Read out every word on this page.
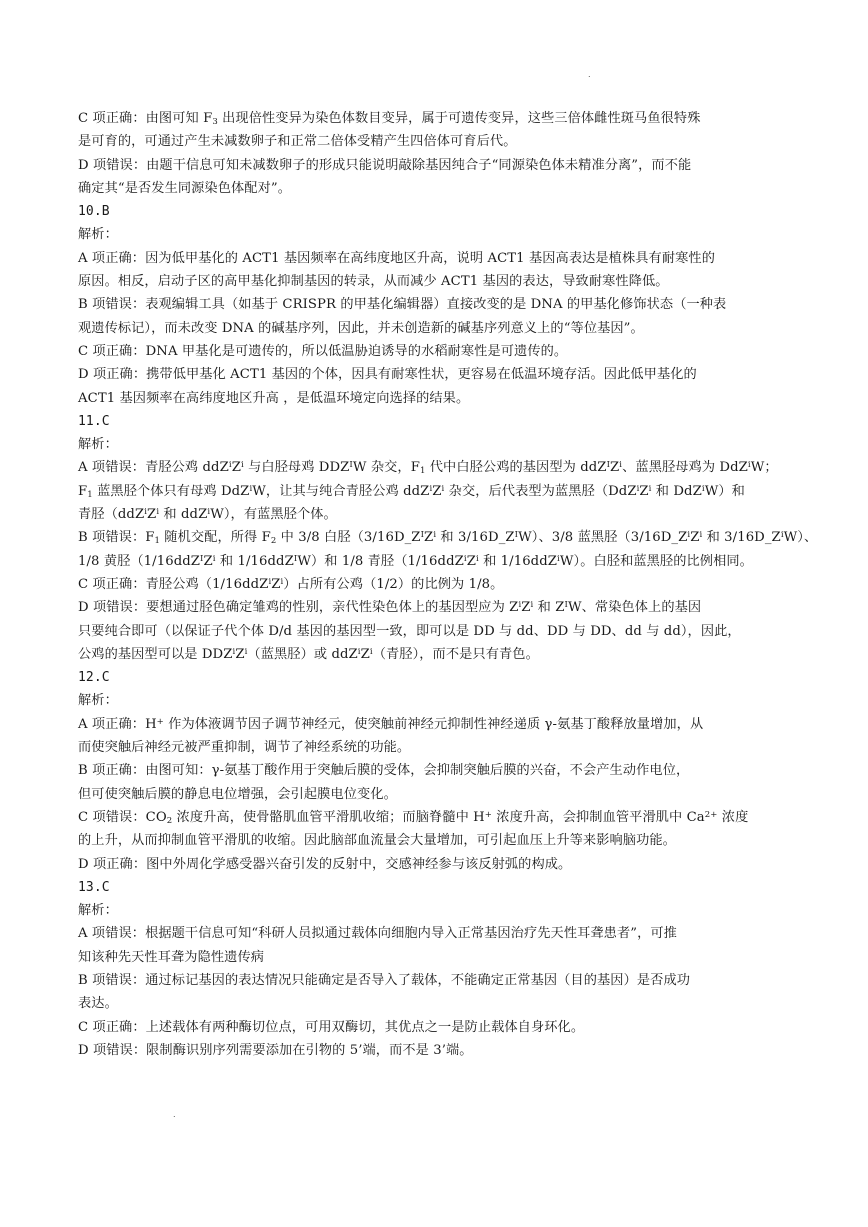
.
C 项正确：由图可知 $F_3$ 出现倍性变异为染色体数目变异，属于可遗传变异，这些三倍体雌性斑马鱼很特殊
是可育的，可通过产生未减数卵子和正常二倍体受精产生四倍体可育后代。
D 项错误：由题干信息可知未减数卵子的形成只能说明敲除基因纯合子“同源染色体未精准分离”，而不能
确定其“是否发生同源染色体配对”。
10.B
解析：
A 项正确：因为低甲基化的 ACT1 基因频率在高纬度地区升高，说明 ACT1 基因高表达是植株具有耐寒性的
原因。相反，启动子区的高甲基化抑制基因的转录，从而减少 ACT1 基因的表达，导致耐寒性降低。
B 项错误：表观编辑工具（如基于 CRISPR 的甲基化编辑器）直接改变的是 DNA 的甲基化修饰状态（一种表
观遗传标记），而未改变 DNA 的碱基序列，因此，并未创造新的碱基序列意义上的“等位基因”。
C 项正确：DNA 甲基化是可遗传的，所以低温胁迫诱导的水稻耐寒性是可遗传的。
D 项正确：携带低甲基化 ACT1 基因的个体，因具有耐寒性状，更容易在低温环境存活。因此低甲基化的
ACT1 基因频率在高纬度地区升高 ，是低温环境定向选择的结果。
11.C
解析：
A 项错误：青胫公鸡 $ddZ^iZ^i$ 与白胫母鸡 $DDZ^IW$ 杂交，$F_1$ 代中白胫公鸡的基因型为 $ddZ^IZ^i$、蓝黑胫母鸡为 DdZ$^i$W；
$F_1$ 蓝黑胫个体只有母鸡 DdZ$^i$W，让其与纯合青胫公鸡 $ddZ^iZ^i$ 杂交，后代表型为蓝黑胫（$DdZ^iZ^i$ 和 DdZ$^i$W）和
青胫（$ddZ^iZ^i$ 和 ddZ$^i$W），有蓝黑胫个体。
B 项错误：$F_1$ 随机交配，所得 $F_2$ 中 3/8 白胫（$3/16D\_Z^IZ^i$ 和 $3/16D\_Z^IW$）、3/8 蓝黑胫（$3/16D\_Z^iZ^i$ 和 $3/16D\_Z^iW$）、
1/8 黄胫（$1/16ddZ^IZ^i$ 和 1/16ddZ$^I$W）和 1/8 青胫（$1/16ddZ^iZ^i$ 和 1/16ddZ$^i$W）。白胫和蓝黑胫的比例相同。
C 项正确：青胫公鸡$(1/16ddZ^iZ^i)$占所有公鸡（1/2）的比例为 1/8。
D 项错误：要想通过胫色确定雏鸡的性别，亲代性染色体上的基因型应为 $Z^iZ^i$ 和 $Z^IW$、常染色体上的基因
只要纯合即可（以保证子代个体 D/d 基因的基因型一致，即可以是 DD 与 dd、DD 与 DD、dd 与 dd），因此，
公鸡的基因型可以是 $DDZ^iZ^i$（蓝黑胫）或 $ddZ^iZ^i$（青胫），而不是只有青色。
12.C
解析：
A 项正确：H+ 作为体液调节因子调节神经元，使突触前神经元抑制性神经递质 γ-氨基丁酸释放量增加，从
而使突触后神经元被严重抑制，调节了神经系统的功能。
B 项正确：由图可知：γ-氨基丁酸作用于突触后膜的受体，会抑制突触后膜的兴奋，不会产生动作电位，
但可使突触后膜的静息电位增强，会引起膜电位变化。
C 项错误：$CO_2$ 浓度升高，使骨骼肌血管平滑肌收缩；而脑脊髓中 H+ 浓度升高，会抑制血管平滑肌中 $Ca^{2+}$ 浓度
的上升，从而抑制血管平滑肌的收缩。因此脑部血流量会大量增加，可引起血压上升等来影响脑功能。
D 项正确：图中外周化学感受器兴奋引发的反射中，交感神经参与该反射弧的构成。
13.C
解析：
A 项错误：根据题干信息可知“科研人员拟通过载体向细胞内导入正常基因治疗先天性耳聋患者”，可推
知该种先天性耳聋为隐性遗传病
B 项错误：通过标记基因的表达情况只能确定是否导入了载体，不能确定正常基因（目的基因）是否成功
表达。
C 项正确：上述载体有两种酶切位点，可用双酶切，其优点之一是防止载体自身环化。
D 项错误：限制酶识别序列需要添加在引物的 5’端，而不是 3’端。
.
